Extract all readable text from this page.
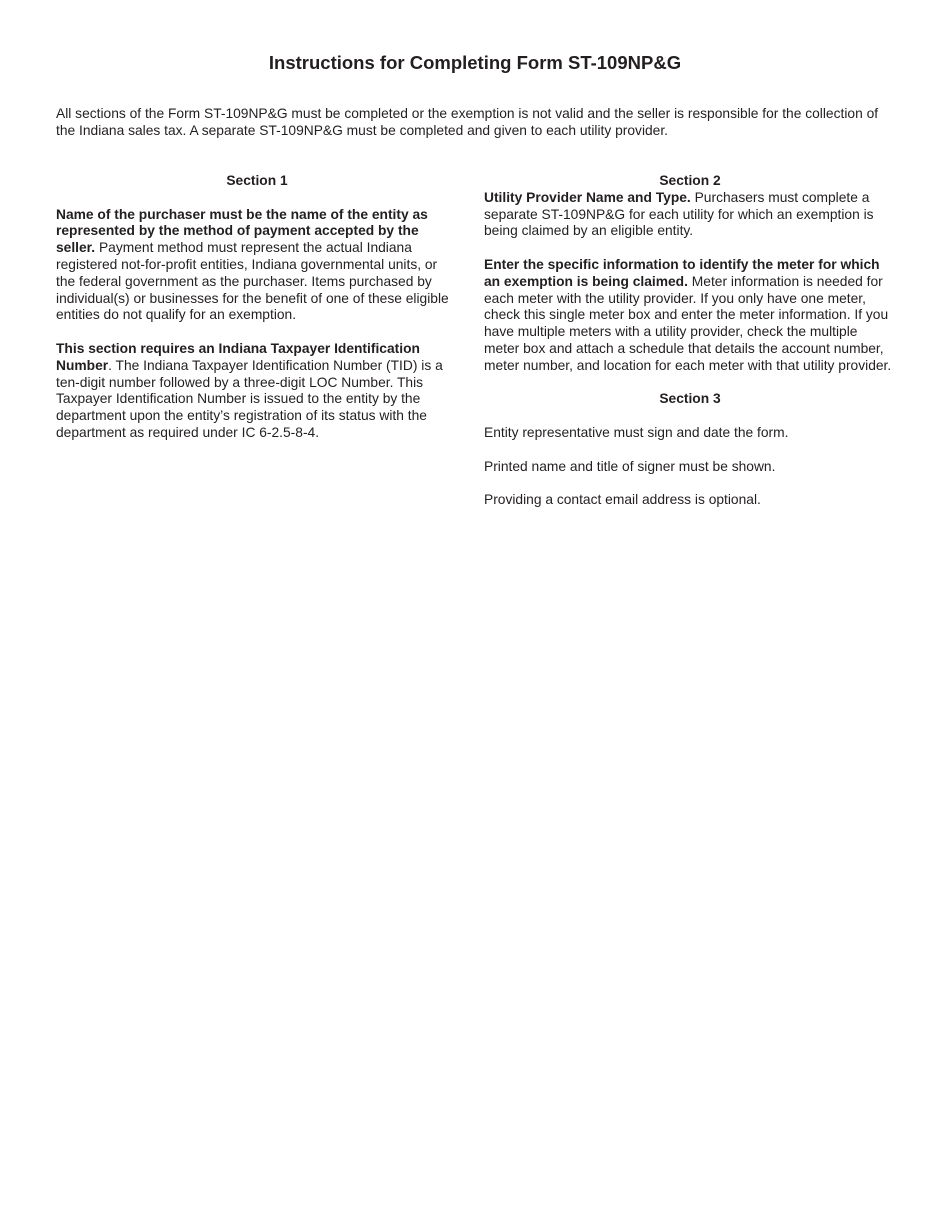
Instructions for Completing Form ST-109NP&G

All sections of the Form ST-109NP&G must be completed or the exemption is not valid and the seller is responsible for the collection of the Indiana sales tax. A separate ST-109NP&G must be completed and given to each utility provider.

Section 1

Name of the purchaser must be the name of the entity as represented by the method of payment accepted by the seller. Payment method must represent the actual Indiana registered not-for-profit entities, Indiana governmental units, or the federal government as the purchaser. Items purchased by individual(s) or businesses for the benefit of one of these eligible entities do not qualify for an exemption.

This section requires an Indiana Taxpayer Identification Number. The Indiana Taxpayer Identification Number (TID) is a ten-digit number followed by a three-digit LOC Number. This Taxpayer Identification Number is issued to the entity by the department upon the entity’s registration of its status with the department as required under IC 6-2.5-8-4.

Section 2

Utility Provider Name and Type. Purchasers must complete a separate ST-109NP&G for each utility for which an exemption is being claimed by an eligible entity.

Enter the specific information to identify the meter for which an exemption is being claimed. Meter information is needed for each meter with the utility provider. If you only have one meter, check this single meter box and enter the meter information. If you have multiple meters with a utility provider, check the multiple meter box and attach a schedule that details the account number, meter number, and location for each meter with that utility provider.

Section 3

Entity representative must sign and date the form.

Printed name and title of signer must be shown.

Providing a contact email address is optional.
